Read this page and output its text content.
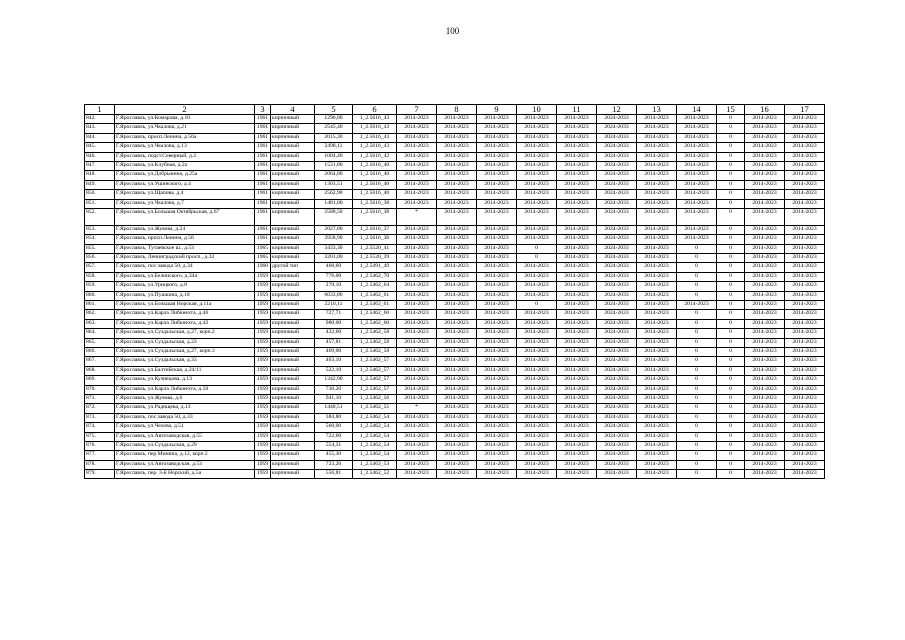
100
1	2	3	4	5	6	7	8	9	10	11	12	13	14	15	16	17
842.	Г.Ярославль, ул.Комарова, д.10	1961	кирпичный	1296,80	1_2.5616_43	2014-2023	2014-2023	2014-2023	2014-2023	2014-2023	2024-2033	2014-2023	2014-2023	0	2014-2023	2014-2023
843.	Г.Ярославль, ул.Чкалова, д.21	1961	кирпичный	2545,40	1_2.5616_43	2014-2023	2014-2023	2014-2023	2014-2023	2014-2023	2024-2033	2014-2023	2014-2023	0	2014-2023	2014-2023
844.	Г.Ярославль, просп.Ленина, д.56а	1961	кирпичный	2015,30	1_2.5616_43	2014-2023	2014-2023	2014-2023	2014-2023	2014-2023	2024-2033	2014-2023	2014-2023	0	2014-2023	2014-2023
845.	Г.Ярославль, ул.Чкалова, д.13	1961	кирпичный	2498,11	1_2.5616_43	2014-2023	2014-2023	2014-2023	2014-2023	2014-2023	2024-2033	2014-2023	2014-2023	0	2014-2023	2014-2023
846.	Г.Ярославль, подст.Северный, д.2	1961	кирпичный	1004,40	1_2.5616_42	2014-2023	2014-2023	2014-2023	2014-2023	2014-2023	2024-2033	2014-2023	2014-2023	0	2014-2023	2014-2023
847.	Г.Ярославль, ул.Клубная, д.2а	1961	кирпичный	1531,80	1_2.5616_40	2014-2023	2014-2023	2014-2023	2014-2023	2014-2023	2024-2033	2014-2023	2014-2023	0	2014-2023	2014-2023
848.	Г.Ярославль, ул.Добрынина, д.25а	1961	кирпичный	2064,80	1_2.5616_40	2014-2023	2014-2023	2014-2023	2014-2023	2014-2023	2024-2033	2014-2023	2014-2023	0	2014-2023	2014-2023
849.	Г.Ярославль, ул.Ушинского, д.4	1961	кирпичный	1303,51	1_2.5616_40	2014-2023	2014-2023	2014-2023	2014-2023	2014-2023	2024-2033	2014-2023	2014-2023	0	2014-2023	2014-2023
850.	Г.Ярославль, ул.Щапова, д.4	1961	кирпичный	2562,90	1_2.5616_40	2014-2023	2014-2023	2014-2023	2014-2023	2014-2023	2024-2033	2014-2023	2014-2023	0	2014-2023	2014-2023
851.	Г.Ярославль, ул.Чкалова, д.7	1961	кирпичный	1481,80	1_2.5616_38	2014-2023	2014-2023	2014-2023	2014-2023	2014-2023	2024-2033	2014-2023	2014-2023	0	2014-2023	2014-2023
852.	Г.Ярославль, ул.Большая Октябрьская, д.67	1961	кирпичный	2588,50	1_2.5616_38	*	2014-2023	2014-2023	2014-2023	2014-2023	2024-2033	2014-2023	2014-2023	0	2014-2023	2014-2023
853.	Г.Ярославль, ул.Жукова, д.24	1961	кирпичный	2027,80	1_2.5616_37	2014-2023	2014-2023	2014-2023	2014-2023	2014-2023	2024-2033	2014-2023	2014-2023	0	2014-2023	2014-2023
854.	Г.Ярославль, просп.Ленина, д.56	1961	кирпичный	3958,90	1_2.5616_36	2014-2023	2014-2023	2014-2023	2014-2023	2014-2023	2024-2033	2014-2023	2014-2023	0	2014-2023	2014-2023
855.	Г.Ярославль, Тутаевское ш., д.53	1965	кирпичный	3433,30	1_2.5520_41	2014-2023	2014-2023	2014-2023	0	2014-2023	2024-2033	2014-2023	0	0	2014-2023	2014-2023
856.	Г.Ярославль, Ленинградский просп., д.32	1965	кирпичный	3201,00	1_2.5520_39	2014-2023	2014-2023	2014-2023	0	2014-2023	2024-2033	2014-2023	0	0	2014-2023	2014-2023
857.	Г.Ярославль, пос.завода 50, д.34	1960	другой тип	466,60	1_2.5491_49	2014-2023	2014-2023	2014-2023	2014-2023	2014-2023	2024-2033	2014-2023	0	0	2014-2023	2014-2023
858.	Г.Ярославль, ул.Белинского, д.34а	1959	кирпичный	776,00	1_2.5462_70	2014-2023	2014-2023	2014-2023	2014-2023	2014-2023	2024-2033	2014-2023	0	0	2014-2023	2014-2023
859.	Г.Ярославль, ул.Урицкого, д.8	1959	кирпичный	270,10	1_2.5462_64	2014-2023	2014-2023	2014-2023	2014-2023	2014-2023	2024-2033	2014-2023	0	0	2014-2023	2014-2023
860.	Г.Ярославль, ул.Пушкина, д.18	1959	кирпичный	6033,80	1_2.5462_61	2014-2023	2014-2023	2014-2023	2014-2023	2014-2023	2024-2033	2014-2023	0	0	2014-2023	2014-2023
861.	Г.Ярославль, ул.Большая Норская, д.11а	1959	кирпичный	2210,11	1_2.5462_61	2014-2023	2014-2023	2014-2023	0	2014-2023	2024-2033	2014-2023	2014-2023	0	2014-2023	2014-2023
862.	Г.Ярославль, ул.Карла Либкнехта, д.46	1959	кирпичный	727,71	1_2.5462_60	2014-2023	2014-2023	2014-2023	2014-2023	2014-2023	2024-2033	2014-2023	0	0	2014-2023	2014-2023
863.	Г.Ярославль, ул.Карла Либкнехта, д.42	1959	кирпичный	980,00	1_2.5462_60	2014-2023	2014-2023	2014-2023	2014-2023	2014-2023	2024-2033	2014-2023	0	0	2014-2023	2014-2023
864.	Г.Ярославль, ул.Суздальская, д.27, корп.2	1959	кирпичный	432,60	1_2.5462_58	2014-2023	2014-2023	2014-2023	2014-2023	2014-2023	2024-2033	2014-2023	0	0	2014-2023	2014-2023
865.	Г.Ярославль, ул.Суздальская, д.23	1959	кирпичный	457,81	1_2.5462_58	2014-2023	2014-2023	2014-2023	2014-2023	2014-2023	2024-2033	2014-2023	0	0	2014-2023	2014-2023
866.	Г.Ярославль, ул.Суздальская, д.27, корп.3	1959	кирпичный	469,00	1_2.5462_58	2014-2023	2014-2023	2014-2023	2014-2023	2014-2023	2024-2033	2014-2023	0	0	2014-2023	2014-2023
867.	Г.Ярославль, ул.Суздальская, д.33	1959	кирпичный	463,10	1_2.5462_57	2014-2023	2014-2023	2014-2023	2014-2023	2014-2023	2024-2033	2014-2023	0	0	2014-2023	2014-2023
868.	Г.Ярославль, ул.Балтийская, д.24/11	1959	кирпичный	522,10	1_2.5462_57	2014-2023	2014-2023	2014-2023	2014-2023	2014-2023	2024-2033	2014-2023	0	0	2014-2023	2014-2023
869.	Г.Ярославль, ул.Кузнецова, д.13	1959	кирпичный	1342,90	1_2.5462_57	2014-2023	2014-2023	2014-2023	2014-2023	2014-2023	2024-2033	2014-2023	0	0	2014-2023	2014-2023
870.	Г.Ярославль, ул.Карла Либкнехта, д.50	1959	кирпичный	730,20	1_2.5462_57	2014-2023	2014-2023	2014-2023	2014-2023	2014-2023	2024-2033	2014-2023	0	0	2014-2023	2014-2023
871.	Г.Ярославль, ул.Жукова, д.6	1959	кирпичный	941,10	1_2.5462_56	2014-2023	2014-2023	2014-2023	2014-2023	2014-2023	2024-2033	2014-2023	0	0	2014-2023	2014-2023
872.	Г.Ярославль, ул.Радищева, д.13	1959	кирпичный	1440,51	1_2.5462_55	*	2014-2023	2014-2023	2014-2023	2014-2023	2024-2033	2014-2023	0	0	2014-2023	2014-2023
873.	Г.Ярославль, пос.завода 50, д.33	1959	кирпичный	384,80	1_2.5462_54	2014-2023	2014-2023	2014-2023	2014-2023	2014-2023	2024-2033	2014-2023	0	0	2014-2023	2014-2023
874.	Г.Ярославль, ул.Чехова, д.51	1959	кирпичный	560,00	1_2.5462_54	2014-2023	2014-2023	2014-2023	2014-2023	2014-2023	2024-2033	2014-2023	0	0	2014-2023	2014-2023
875.	Г.Ярославль, ул.Автозаводская, д.55	1959	кирпичный	722,60	1_2.5462_54	2014-2023	2014-2023	2014-2023	2014-2023	2014-2023	2024-2033	2014-2023	0	0	2014-2023	2014-2023
876.	Г.Ярославль, ул.Суздальская, д.29	1959	кирпичный	554,31	1_2.5462_54	2014-2023	2014-2023	2014-2023	2014-2023	2014-2023	2024-2033	2014-2023	0	0	2014-2023	2014-2023
877.	Г.Ярославль, пер.Минина, д.12, корп.2	1959	кирпичный	455,30	1_2.5462_54	2014-2023	2014-2023	2014-2023	2014-2023	2014-2023	2024-2033	2014-2023	0	0	2014-2023	2014-2023
878.	Г.Ярославль, ул.Автозаводская, д.53	1959	кирпичный	723,20	1_2.5462_53	2014-2023	2014-2023	2014-2023	2014-2023	2014-2023	2024-2033	2014-2023	0	0	2014-2023	2014-2023
879.	Г.Ярославль, пер. 3-й Норский, д.5а	1959	кирпичный	556,81	1_2.5462_52	2014-2023	2014-2023	2014-2023	2014-2023	2014-2023	2024-2033	2014-2023	0	0	2014-2023	2014-2023
